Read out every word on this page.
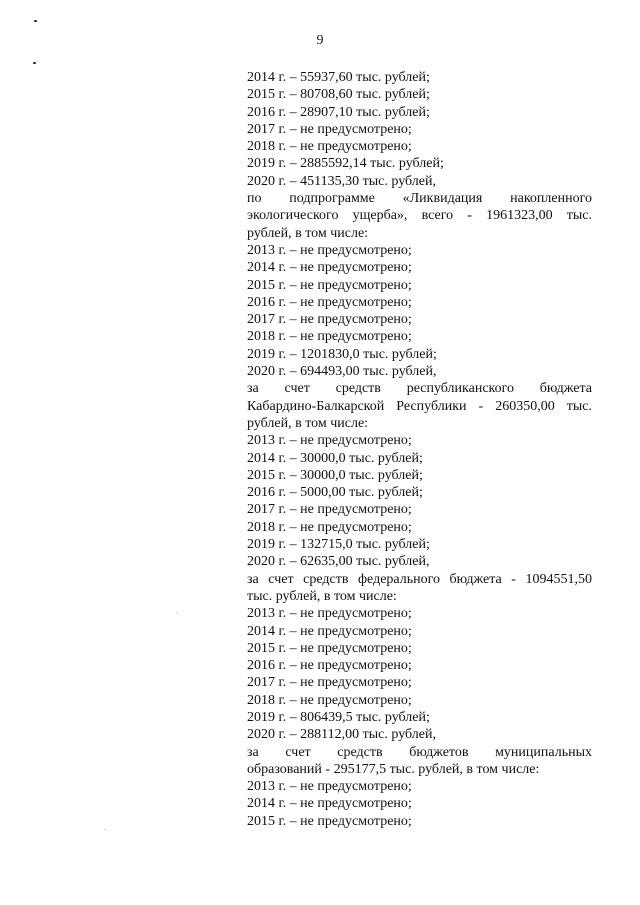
9
2014 г. – 55937,60 тыс. рублей;
2015 г. – 80708,60 тыс. рублей;
2016 г. – 28907,10 тыс. рублей;
2017 г. – не предусмотрено;
2018 г. – не предусмотрено;
2019 г. – 2885592,14 тыс. рублей;
2020 г. – 451135,30 тыс. рублей,
по подпрограмме «Ликвидация накопленного
экологического ущерба», всего - 1961323,00 тыс.
рублей, в том числе:
2013 г. – не предусмотрено;
2014 г. – не предусмотрено;
2015 г. – не предусмотрено;
2016 г. – не предусмотрено;
2017 г. – не предусмотрено;
2018 г. – не предусмотрено;
2019 г. – 1201830,0 тыс. рублей;
2020 г. – 694493,00 тыс. рублей,
за счет средств республиканского бюджета
Кабардино-Балкарской Республики - 260350,00 тыс.
рублей, в том числе:
2013 г. – не предусмотрено;
2014 г. – 30000,0 тыс. рублей;
2015 г. – 30000,0 тыс. рублей;
2016 г. – 5000,00 тыс. рублей;
2017 г. – не предусмотрено;
2018 г. – не предусмотрено;
2019 г. – 132715,0 тыс. рублей;
2020 г. – 62635,00 тыс. рублей,
за счет средств федерального бюджета - 1094551,50
тыс. рублей, в том числе:
2013 г. – не предусмотрено;
2014 г. – не предусмотрено;
2015 г. – не предусмотрено;
2016 г. – не предусмотрено;
2017 г. – не предусмотрено;
2018 г. – не предусмотрено;
2019 г. – 806439,5 тыс. рублей;
2020 г. – 288112,00 тыс. рублей,
за счет средств бюджетов муниципальных
образований - 295177,5 тыс. рублей, в том числе:
2013 г. – не предусмотрено;
2014 г. – не предусмотрено;
2015 г. – не предусмотрено;
